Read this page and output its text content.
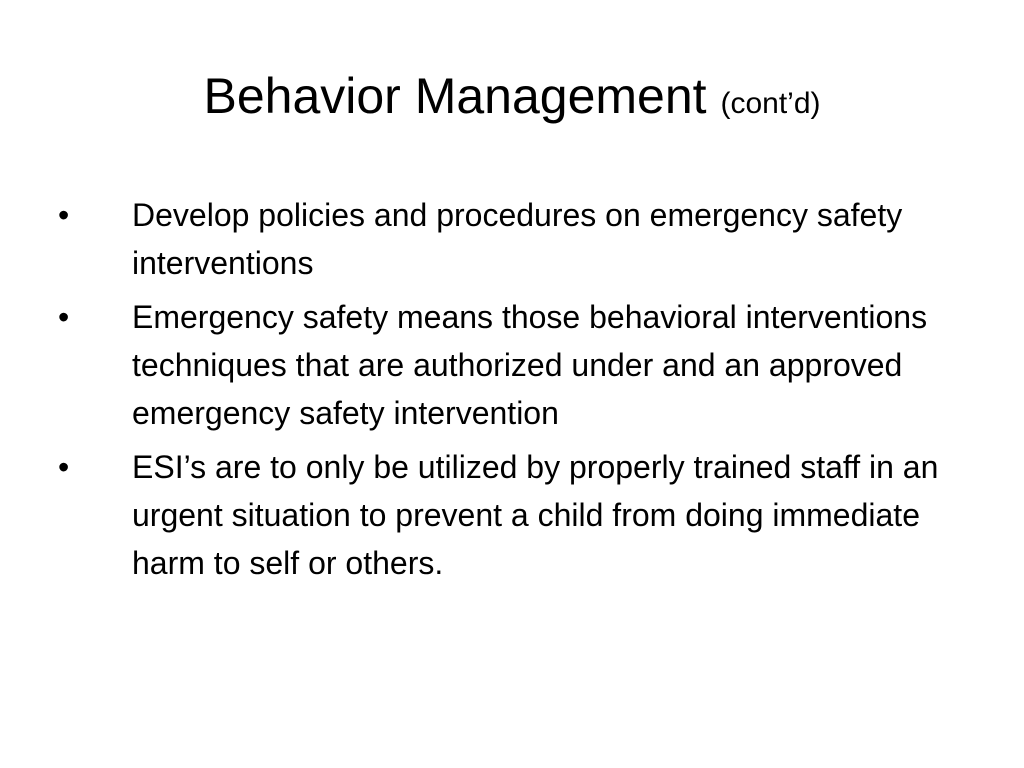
Behavior Management (cont’d)
•	Develop policies and procedures on emergency safety interventions
•	Emergency safety means those behavioral interventions techniques that are authorized under and an approved emergency safety intervention
•	ESI’s are to only be utilized by properly trained staff in an urgent situation to prevent a child from doing immediate harm to self or others.
